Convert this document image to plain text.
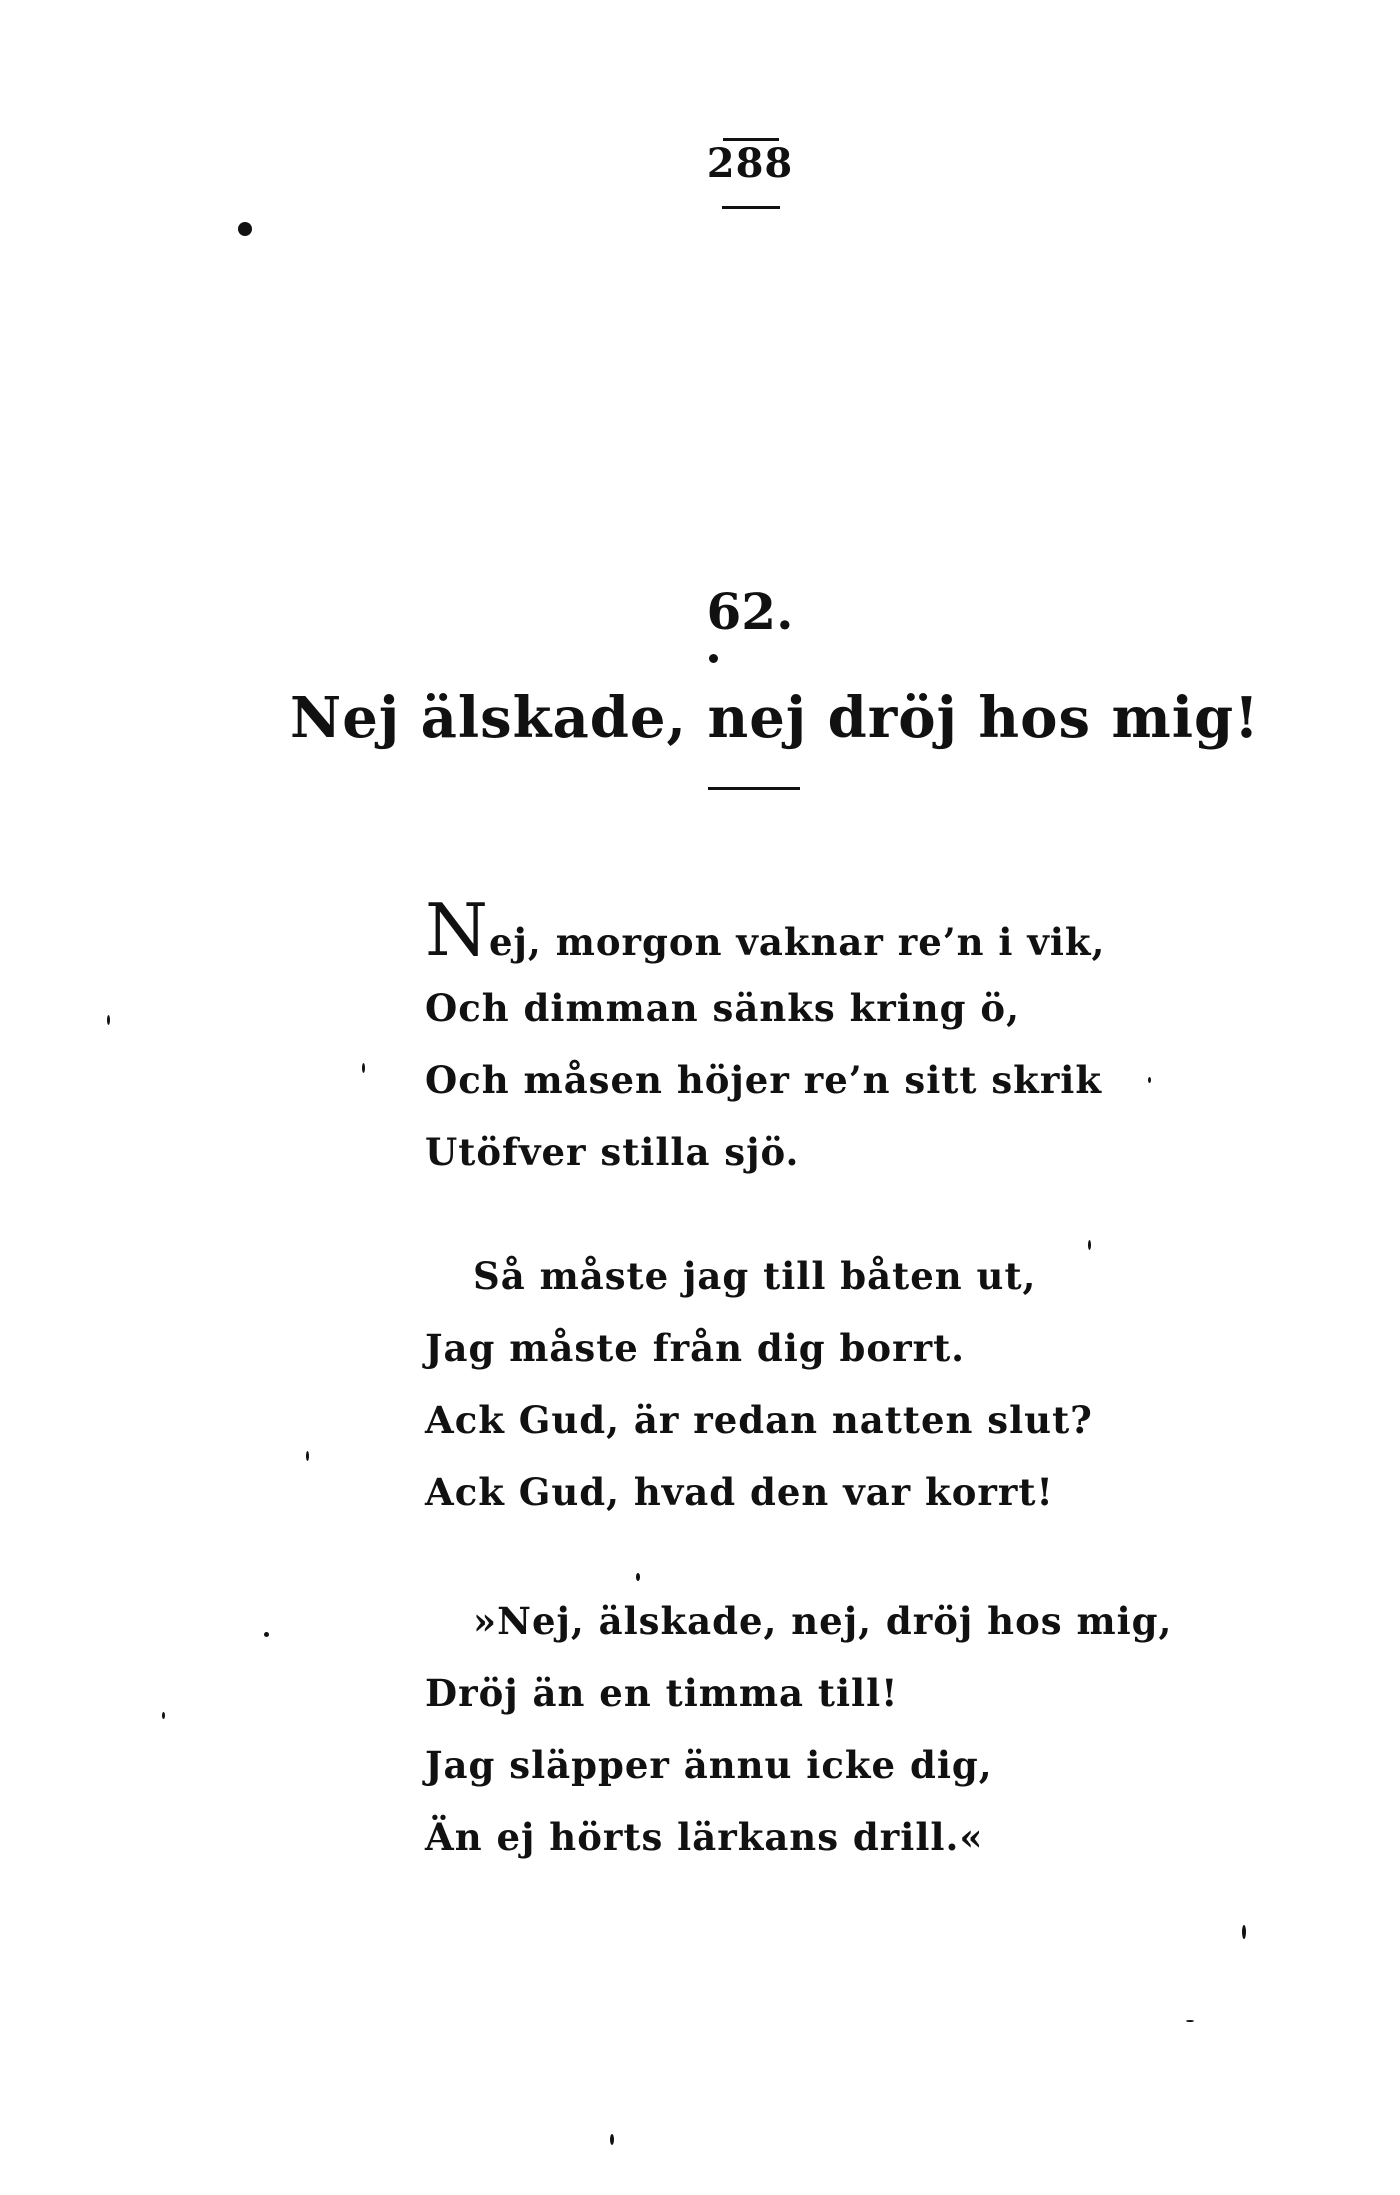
288
62.
Nej älskade, nej dröj hos mig!
Nej, morgon vaknar re’n i vik,
Och dimman sänks kring ö,
Och måsen höjer re’n sitt skrik
Utöfver stilla sjö.
Så måste jag till båten ut,
Jag måste från dig borrt.
Ack Gud, är redan natten slut?
Ack Gud, hvad den var korrt!
»Nej, älskade, nej, dröj hos mig,
Dröj än en timma till!
Jag släpper ännu icke dig,
Än ej hörts lärkans drill.«
